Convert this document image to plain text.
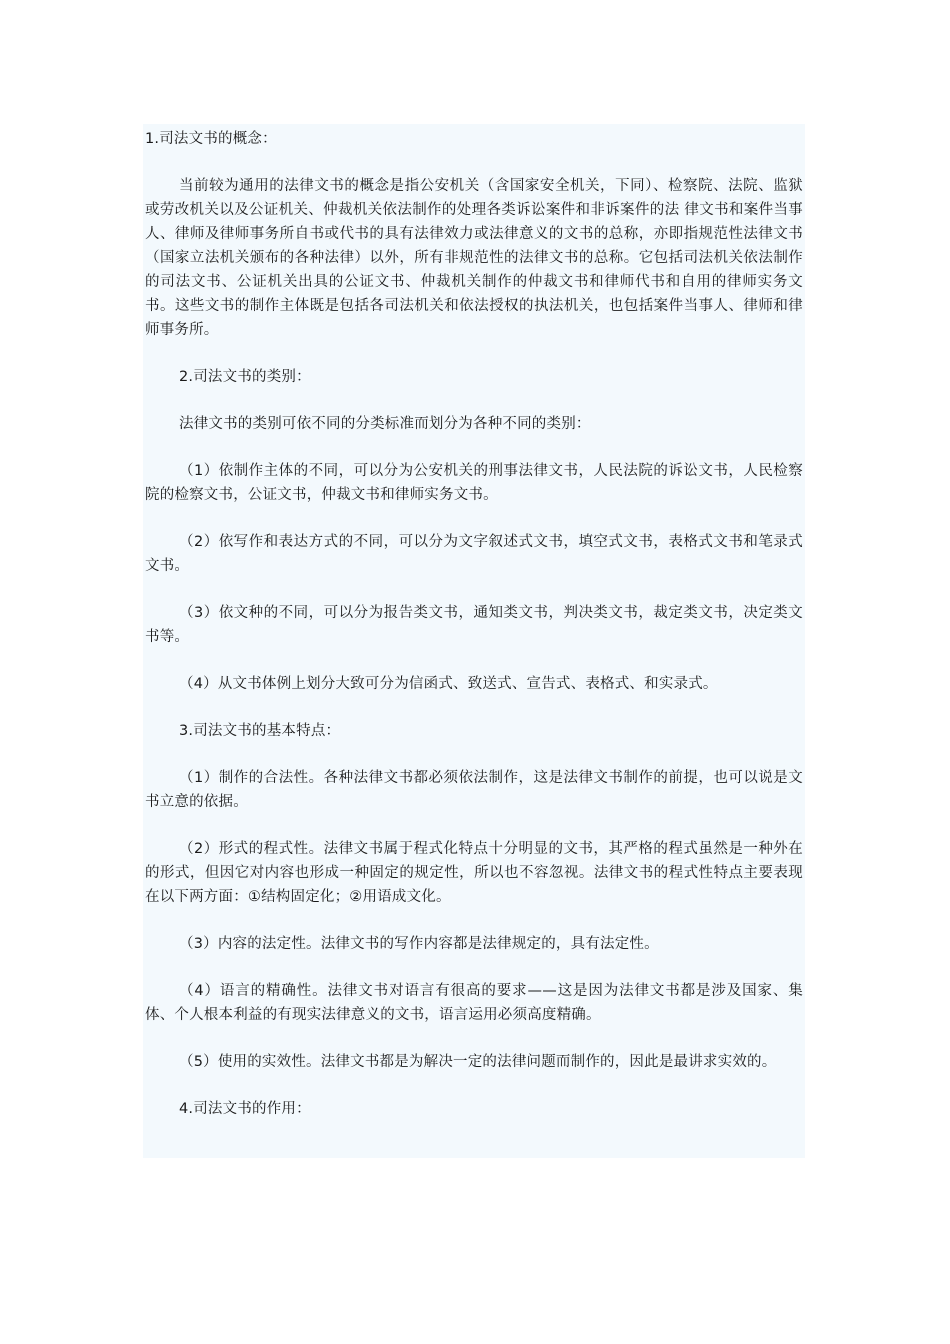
1.司法文书的概念：

当前较为通用的法律文书的概念是指公安机关（含国家安全机关，下同）、检察院、法院、监狱或劳改机关以及公证机关、仲裁机关依法制作的处理各类诉讼案件和非诉案件的法 律文书和案件当事人、律师及律师事务所自书或代书的具有法律效力或法律意义的文书的总称，亦即指规范性法律文书（国家立法机关颁布的各种法律）以外，所有非规范性的法律文书的总称。它包括司法机关依法制作的司法文书、公证机关出具的公证文书、仲裁机关制作的仲裁文书和律师代书和自用的律师实务文书。这些文书的制作主体既是包括各司法机关和依法授权的执法机关，也包括案件当事人、律师和律师事务所。

2.司法文书的类别：

法律文书的类别可依不同的分类标准而划分为各种不同的类别：

（1）依制作主体的不同，可以分为公安机关的刑事法律文书，人民法院的诉讼文书，人民检察院的检察文书，公证文书，仲裁文书和律师实务文书。

（2）依写作和表达方式的不同，可以分为文字叙述式文书，填空式文书，表格式文书和笔录式文书。

（3）依文种的不同，可以分为报告类文书，通知类文书，判决类文书，裁定类文书，决定类文书等。

（4）从文书体例上划分大致可分为信函式、致送式、宣告式、表格式、和实录式。

3.司法文书的基本特点：

（1）制作的合法性。各种法律文书都必须依法制作，这是法律文书制作的前提，也可以说是文书立意的依据。

（2）形式的程式性。法律文书属于程式化特点十分明显的文书，其严格的程式虽然是一种外在的形式，但因它对内容也形成一种固定的规定性，所以也不容忽视。法律文书的程式性特点主要表现在以下两方面：①结构固定化；②用语成文化。

（3）内容的法定性。法律文书的写作内容都是法律规定的，具有法定性。

（4）语言的精确性。法律文书对语言有很高的要求——这是因为法律文书都是涉及国家、集体、个人根本利益的有现实法律意义的文书，语言运用必须高度精确。

（5）使用的实效性。法律文书都是为解决一定的法律问题而制作的，因此是最讲求实效的。

4.司法文书的作用：
